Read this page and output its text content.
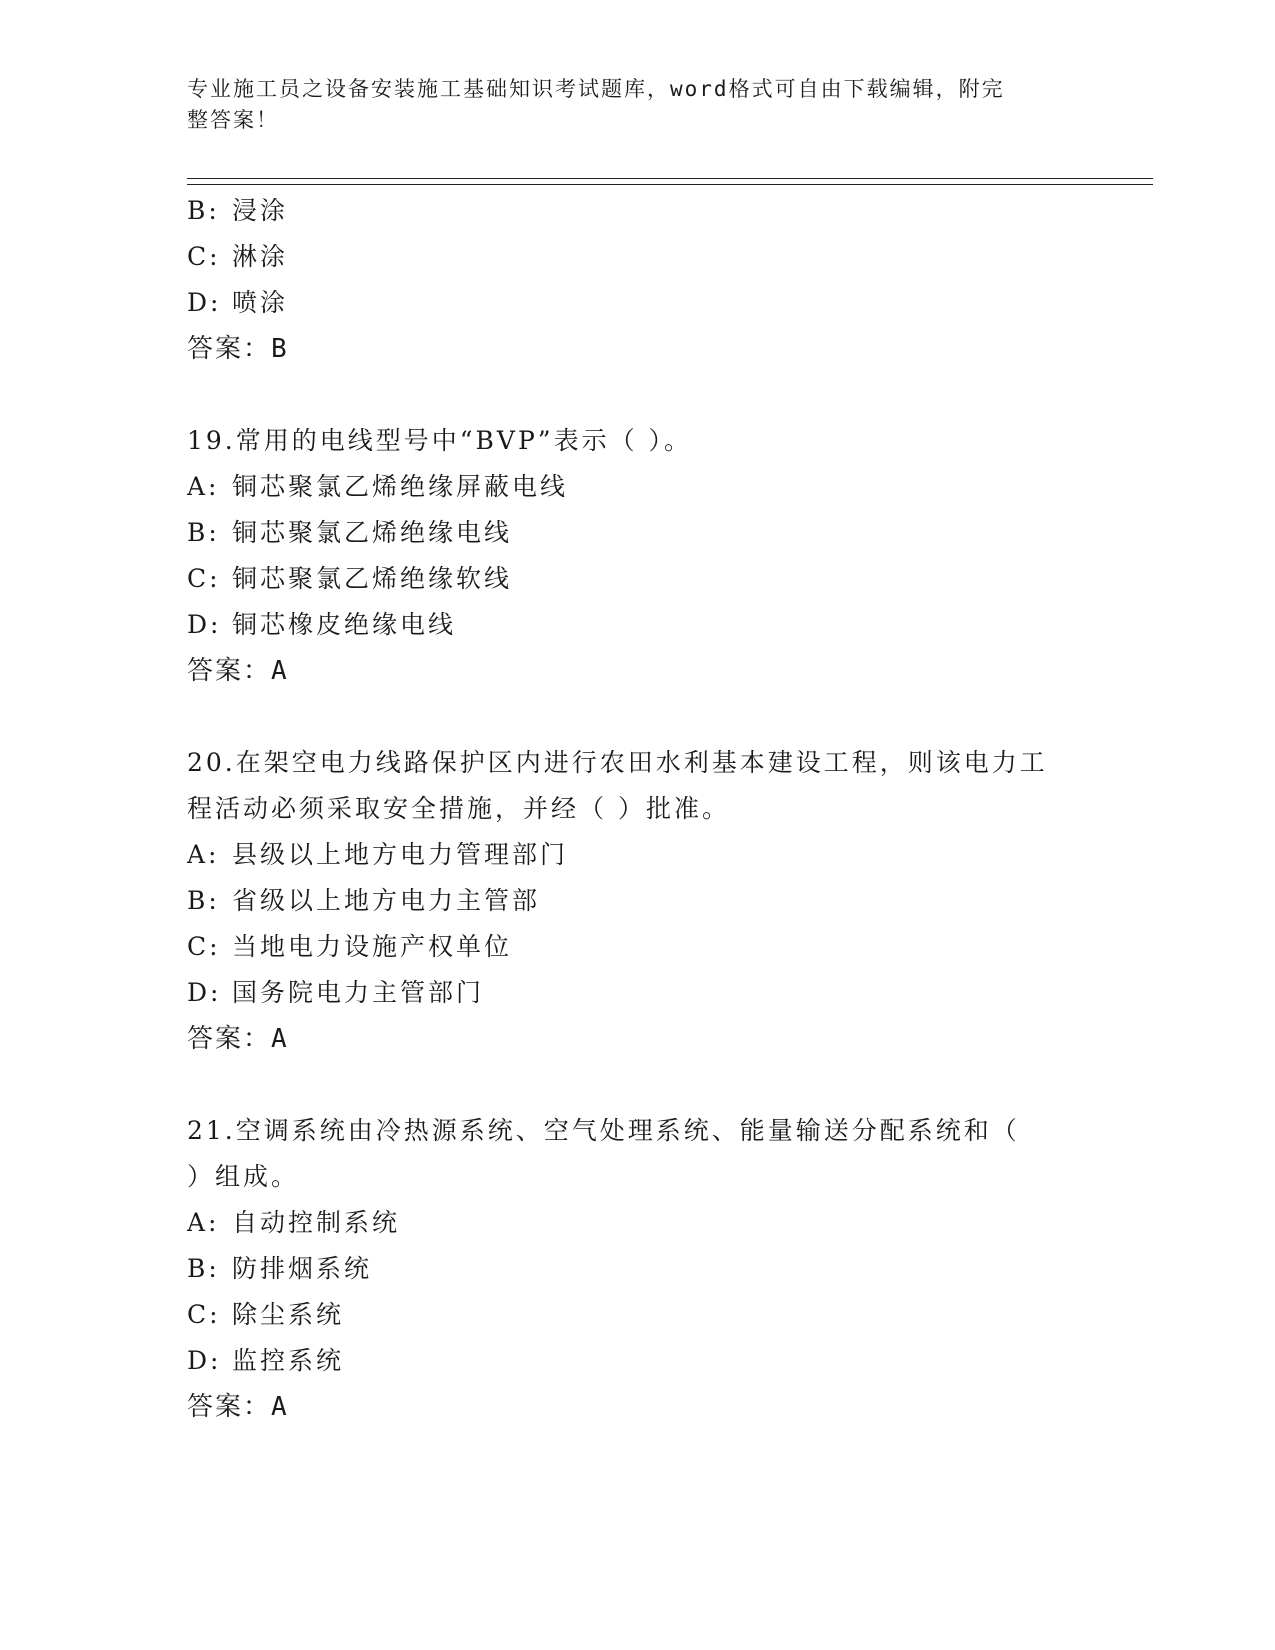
专业施工员之设备安装施工基础知识考试题库，word格式可自由下载编辑，附完
整答案！
B: 浸涂
C: 淋涂
D: 喷涂
答案：B
19.常用的电线型号中“BVP”表示（ ）。
A: 铜芯聚氯乙烯绝缘屏蔽电线
B: 铜芯聚氯乙烯绝缘电线
C: 铜芯聚氯乙烯绝缘软线
D: 铜芯橡皮绝缘电线
答案：A
20.在架空电力线路保护区内进行农田水利基本建设工程，则该电力工
程活动必须采取安全措施，并经（ ）批准。
A: 县级以上地方电力管理部门
B: 省级以上地方电力主管部
C: 当地电力设施产权单位
D: 国务院电力主管部门
答案：A
21.空调系统由冷热源系统、空气处理系统、能量输送分配系统和（
）组成。
A: 自动控制系统
B: 防排烟系统
C: 除尘系统
D: 监控系统
答案：A
